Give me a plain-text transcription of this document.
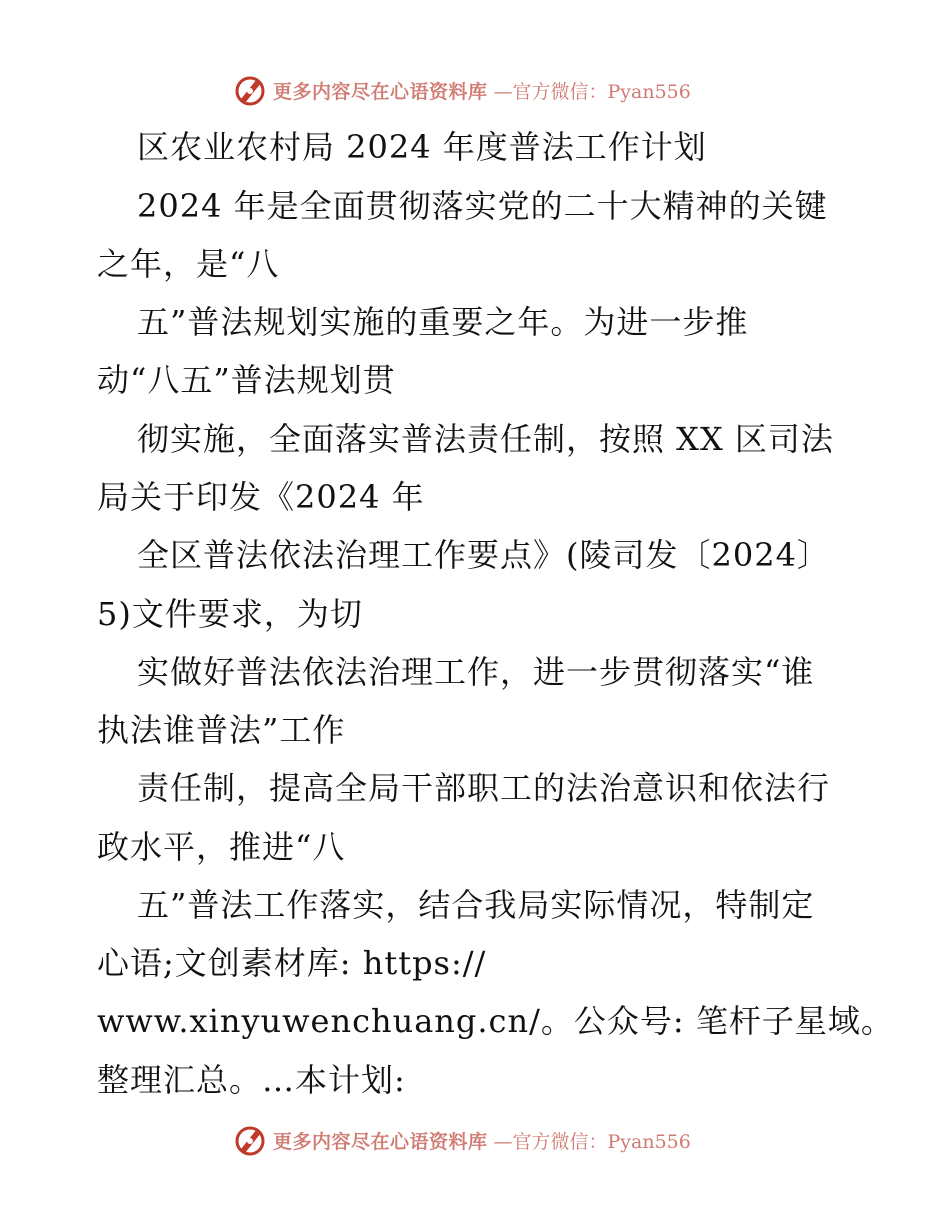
更多内容尽在心语资料库 —官方微信：Pyan556
区农业农村局 2024 年度普法工作计划
2024 年是全面贯彻落实党的二十大精神的关键
之年，是“八
五”普法规划实施的重要之年。为进一步推
动“八五”普法规划贯
彻实施，全面落实普法责任制，按照 XX 区司法
局关于印发《2024 年
全区普法依法治理工作要点》(陵司发〔2024〕
5)文件要求，为切
实做好普法依法治理工作，进一步贯彻落实“谁
执法谁普法”工作
责任制，提高全局干部职工的法治意识和依法行
政水平，推进“八
五”普法工作落实，结合我局实际情况，特制定
心语;文创素材库: https://
www.xinyuwenchuang.cn/。公众号: 笔杆子星域。
整理汇总。…本计划:
更多内容尽在心语资料库 —官方微信：Pyan556
